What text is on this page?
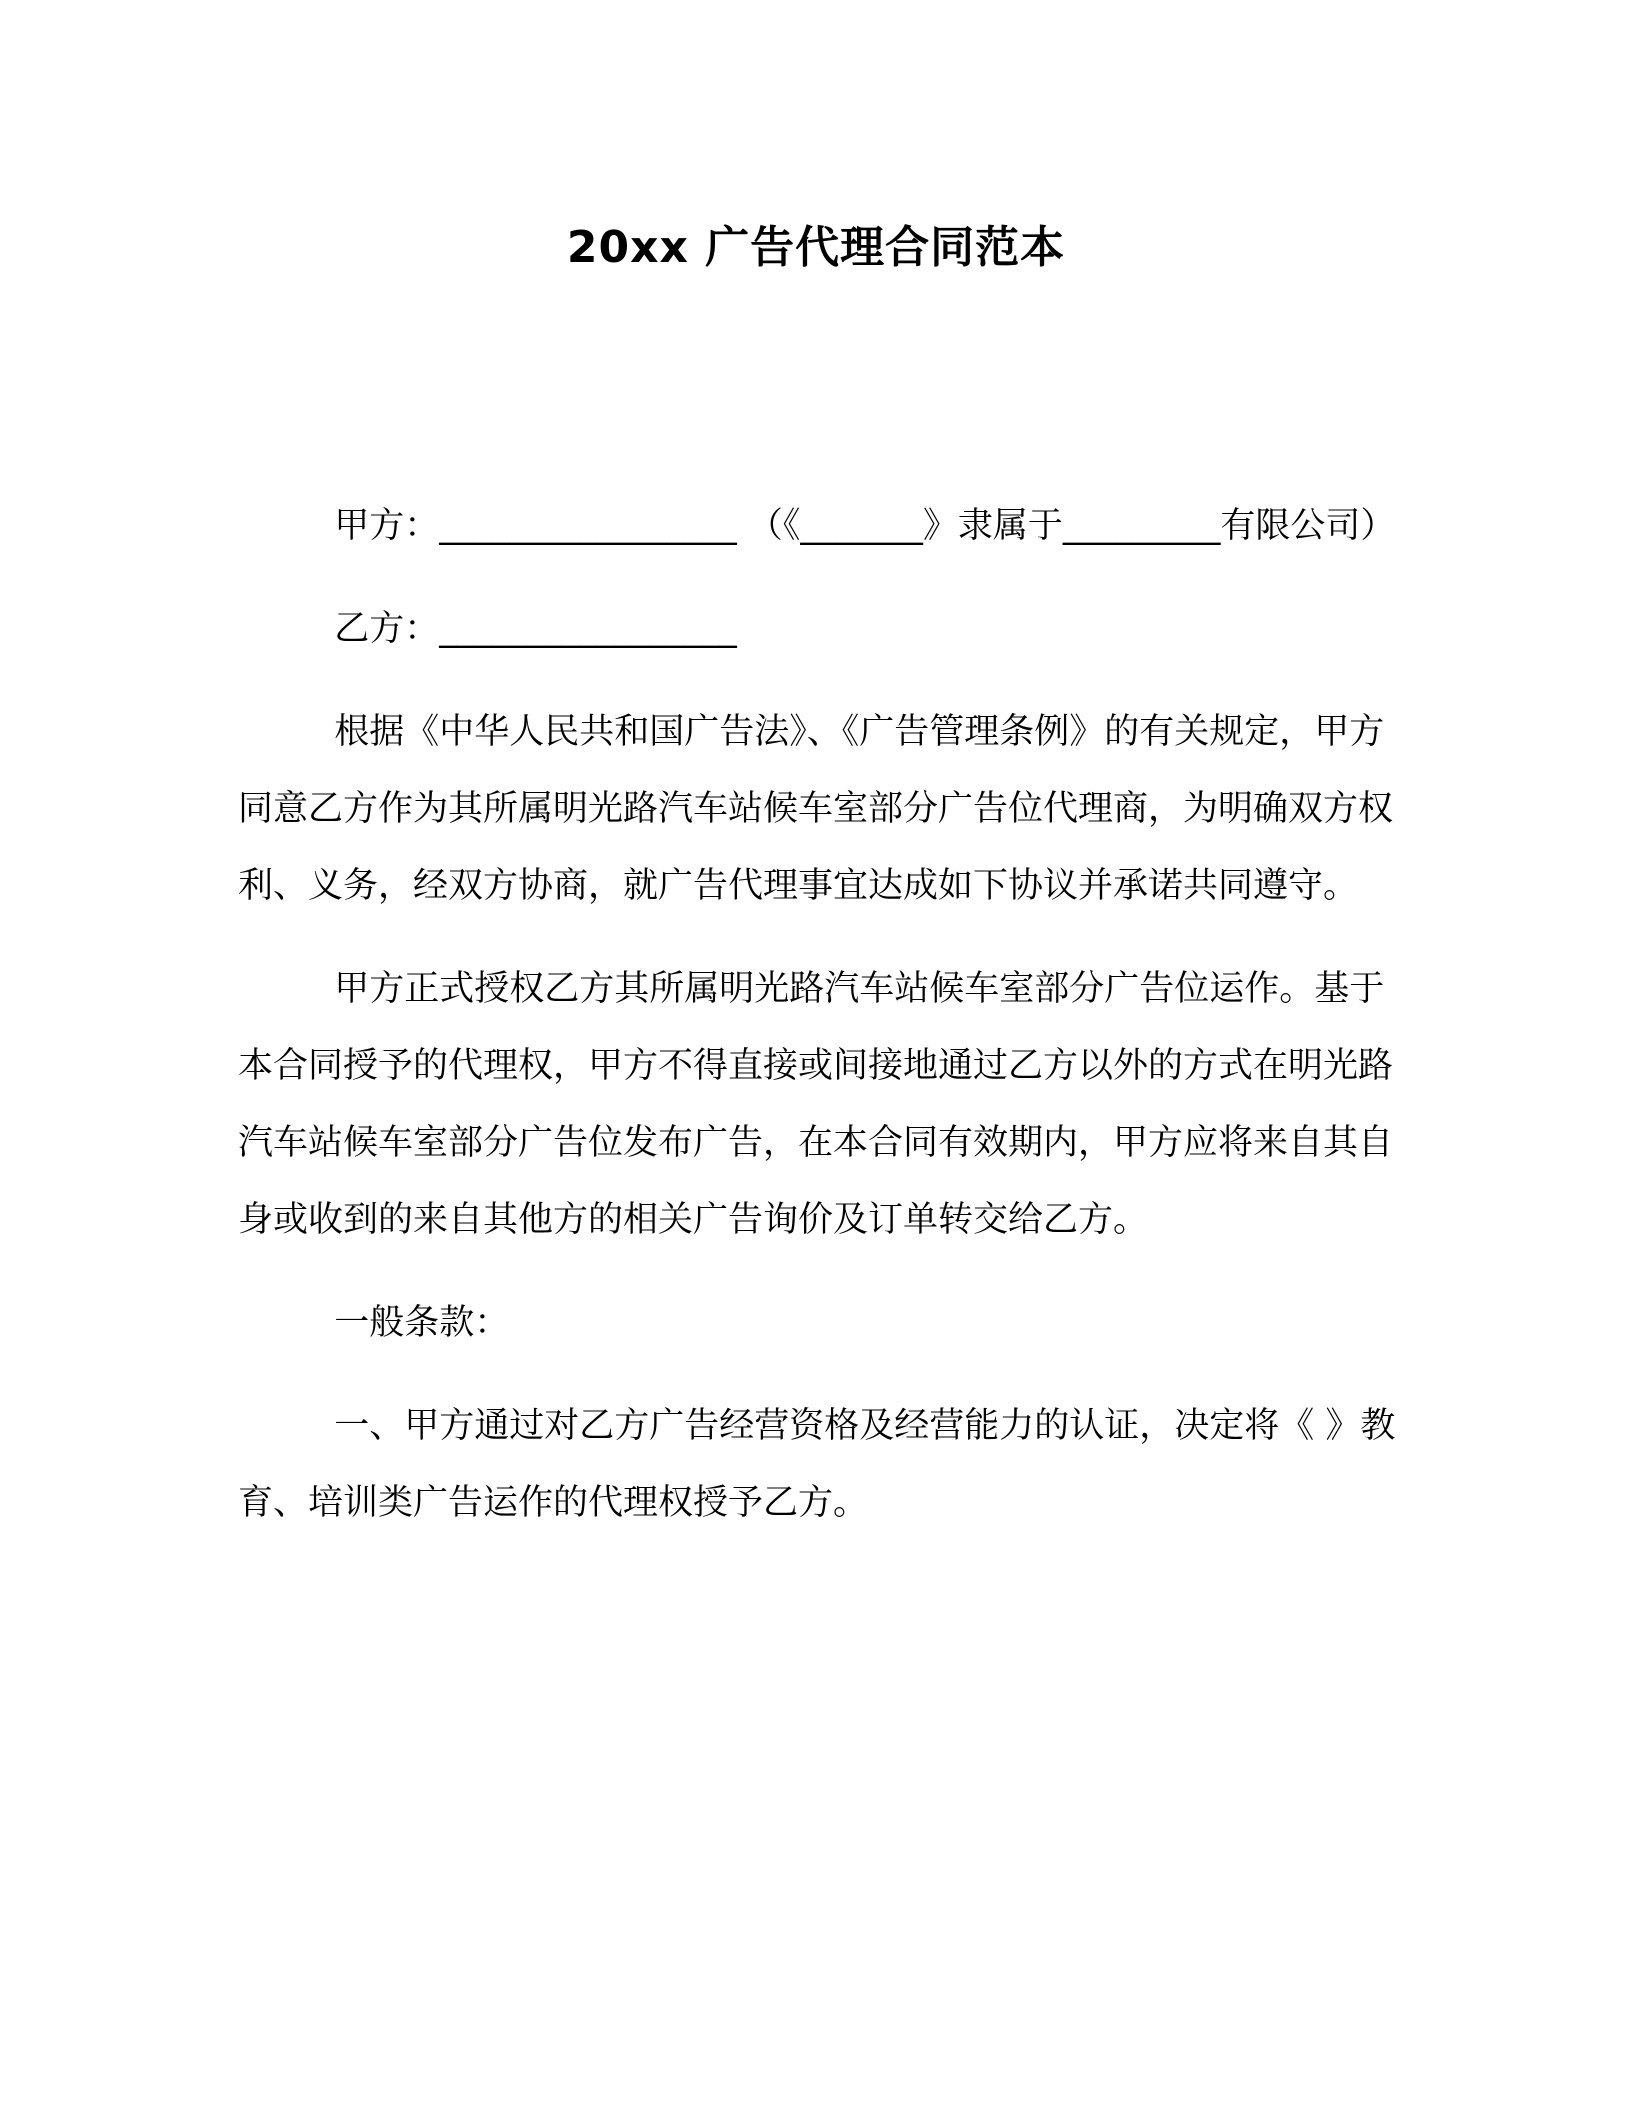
20xx 广告代理合同范本

甲方：_________________ （《_______》隶属于_________有限公司）

乙方：_________________

根据《中华人民共和国广告法》、《广告管理条例》的有关规定，甲方同意乙方作为其所属明光路汽车站候车室部分广告位代理商，为明确双方权利、义务，经双方协商，就广告代理事宜达成如下协议并承诺共同遵守。

甲方正式授权乙方其所属明光路汽车站候车室部分广告位运作。基于本合同授予的代理权，甲方不得直接或间接地通过乙方以外的方式在明光路汽车站候车室部分广告位发布广告，在本合同有效期内，甲方应将来自其自身或收到的来自其他方的相关广告询价及订单转交给乙方。

一般条款：

一、甲方通过对乙方广告经营资格及经营能力的认证，决定将《 》教育、培训类广告运作的代理权授予乙方。
